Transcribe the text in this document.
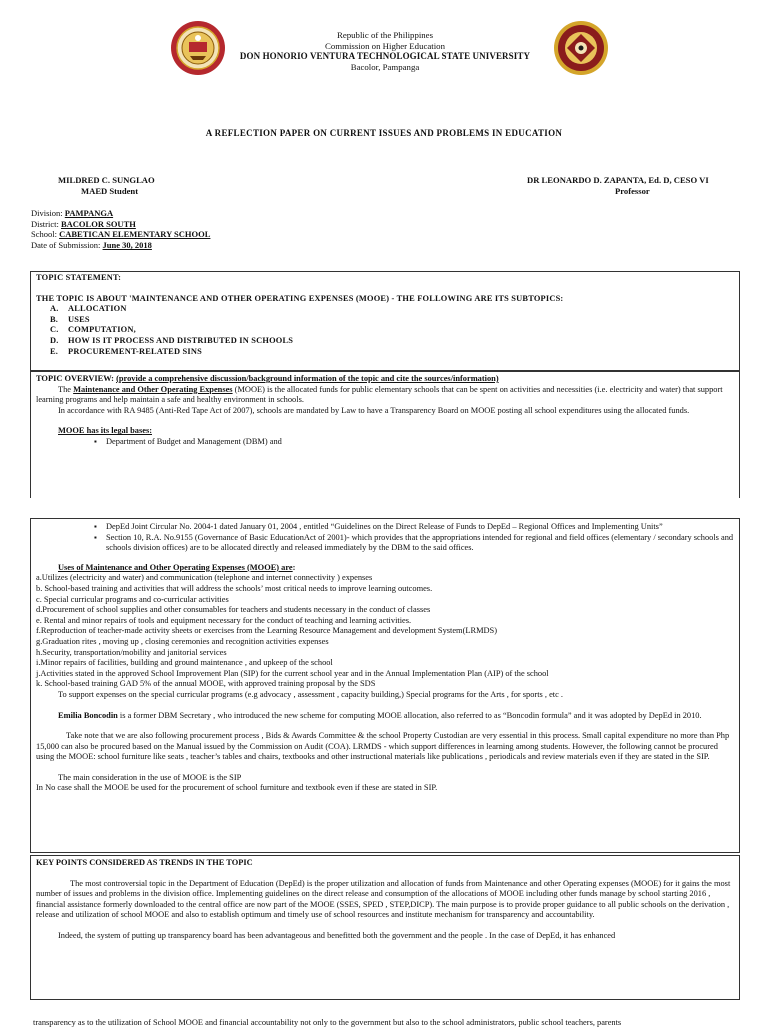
Republic of the Philippines
Commission on Higher Education
DON HONORIO VENTURA TECHNOLOGICAL STATE UNIVERSITY
Bacolor, Pampanga
A REFLECTION PAPER ON CURRENT ISSUES AND PROBLEMS IN EDUCATION
MILDRED C. SUNGLAO
MAED Student
DR LEONARDO D. ZAPANTA, Ed. D, CESO VI
Professor
Division: PAMPANGA
District: BACOLOR SOUTH
School: CABETICAN ELEMENTARY SCHOOL
Date of Submission: June 30, 2018
TOPIC STATEMENT:
THE TOPIC IS ABOUT 'MAINTENANCE AND OTHER OPERATING EXPENSES (MOOE) - THE FOLLOWING ARE ITS SUBTOPICS:
A. ALLOCATION
B. USES
C. COMPUTATION,
D. HOW IS IT PROCESS AND DISTRIBUTED IN SCHOOLS
E. PROCUREMENT-RELATED SINS
TOPIC OVERVIEW: (provide a comprehensive discussion/background information of the topic and cite the sources/information)

The Maintenance and Other Operating Expenses (MOOE) is the allocated funds for public elementary schools that can be spent on activities and necessities (i.e. electricity and water) that support learning programs and help maintain a safe and healthy environment in schools.

In accordance with RA 9485 (Anti-Red Tape Act of 2007), schools are mandated by Law to have a Transparency Board on MOOE posting all school expenditures using the allocated funds.

MOOE has its legal bases:
▪ Department of Budget and Management (DBM) and
▪ DepEd Joint Circular No. 2004-1 dated January 01, 2004 , entitled “Guidelines on the Direct Release of Funds to DepEd – Regional Offices and Implementing Units”
▪ Section 10, R.A. No.9155 (Governance of Basic EducationAct of 2001)- which provides that the appropriations intended for regional and field offices (elementary / secondary schools and schools division offices) are to be allocated directly and released immediately by the DBM to the said offices.
Uses of Maintenance and Other Operating Expenses (MOOE) are:
a.Utilizes (electricity and water) and communication (telephone and internet connectivity ) expenses
b. School-based training and activities that will address the schools’ most critical needs to improve learning outcomes.
c. Special curricular programs and co-curricular activities
d.Procurement of school supplies and other consumables for teachers and students necessary in the conduct of classes
e. Rental and minor repairs of tools and equipment necessary for the conduct of teaching and learning activities.
f.Reproduction of teacher-made activity sheets or exercises from the Learning Resource Management and development System(LRMDS)
g.Graduation rites , moving up , closing ceremonies and recognition activities expenses
h.Security, transportation/mobility and janitorial services
i.Minor repairs of facilities, building and ground maintenance , and upkeep of the school
j.Activities stated in the approved School Improvement Plan (SIP) for the current school year and in the Annual Implementation Plan (AIP) of the school
k. School-based training GAD 5% of the annual MOOE, with approved training proposal by the SDS
To support expenses on the special curricular programs (e.g advocacy , assessment , capacity building,) Special programs for the Arts , for sports , etc .

Emilia Boncodin is a former DBM Secretary , who introduced the new scheme for computing MOOE allocation, also referred to as “Boncodin formula” and it was adopted by DepEd in 2010.

Take note that we are also following procurement process , Bids & Awards Committee & the school Property Custodian are very essential in this process. Small capital expenditure no more than Php 15,000 can also be procured based on the Manual issued by the Commission on Audit (COA). LRMDS - which support differences in learning among students. However, the following cannot be procured using the MOOE: school furniture like seats , teacher’s tables and chairs, textbooks and other instructional materials like publications , periodicals and review materials even if they are stated in the SIP.

The main consideration in the use of MOOE is the SIP

In No case shall the MOOE be used for the procurement of school furniture and textbook even if these are stated in SIP.

KEY POINTS CONSIDERED AS TRENDS IN THE TOPIC

The most controversial topic in the Department of Education (DepEd) is the proper utilization and allocation of funds from Maintenance and other Operating expenses (MOOE) for it gains the most number of issues and problems in the division office. Implementing guidelines on the direct release and consumption of the allocations of MOOE including other funds manage by school starting 2016 , financial assistance formerly downloaded to the central office are now part of the MOOE (SSES, SPED , STEP,DICP). The main purpose is to provide proper guidance to all public schools on the derivation , release and utilization of school MOOE and also to establish optimum and timely use of school resources and institute mechanism for transparency and accountability.

Indeed, the system of putting up transparency board has been advantageous and benefitted both the government and the people . In the case of DepEd, it has enhanced

transparency as to the utilization of School MOOE and financial accountability not only to the government but also to the school administrators, public school teachers, parents
